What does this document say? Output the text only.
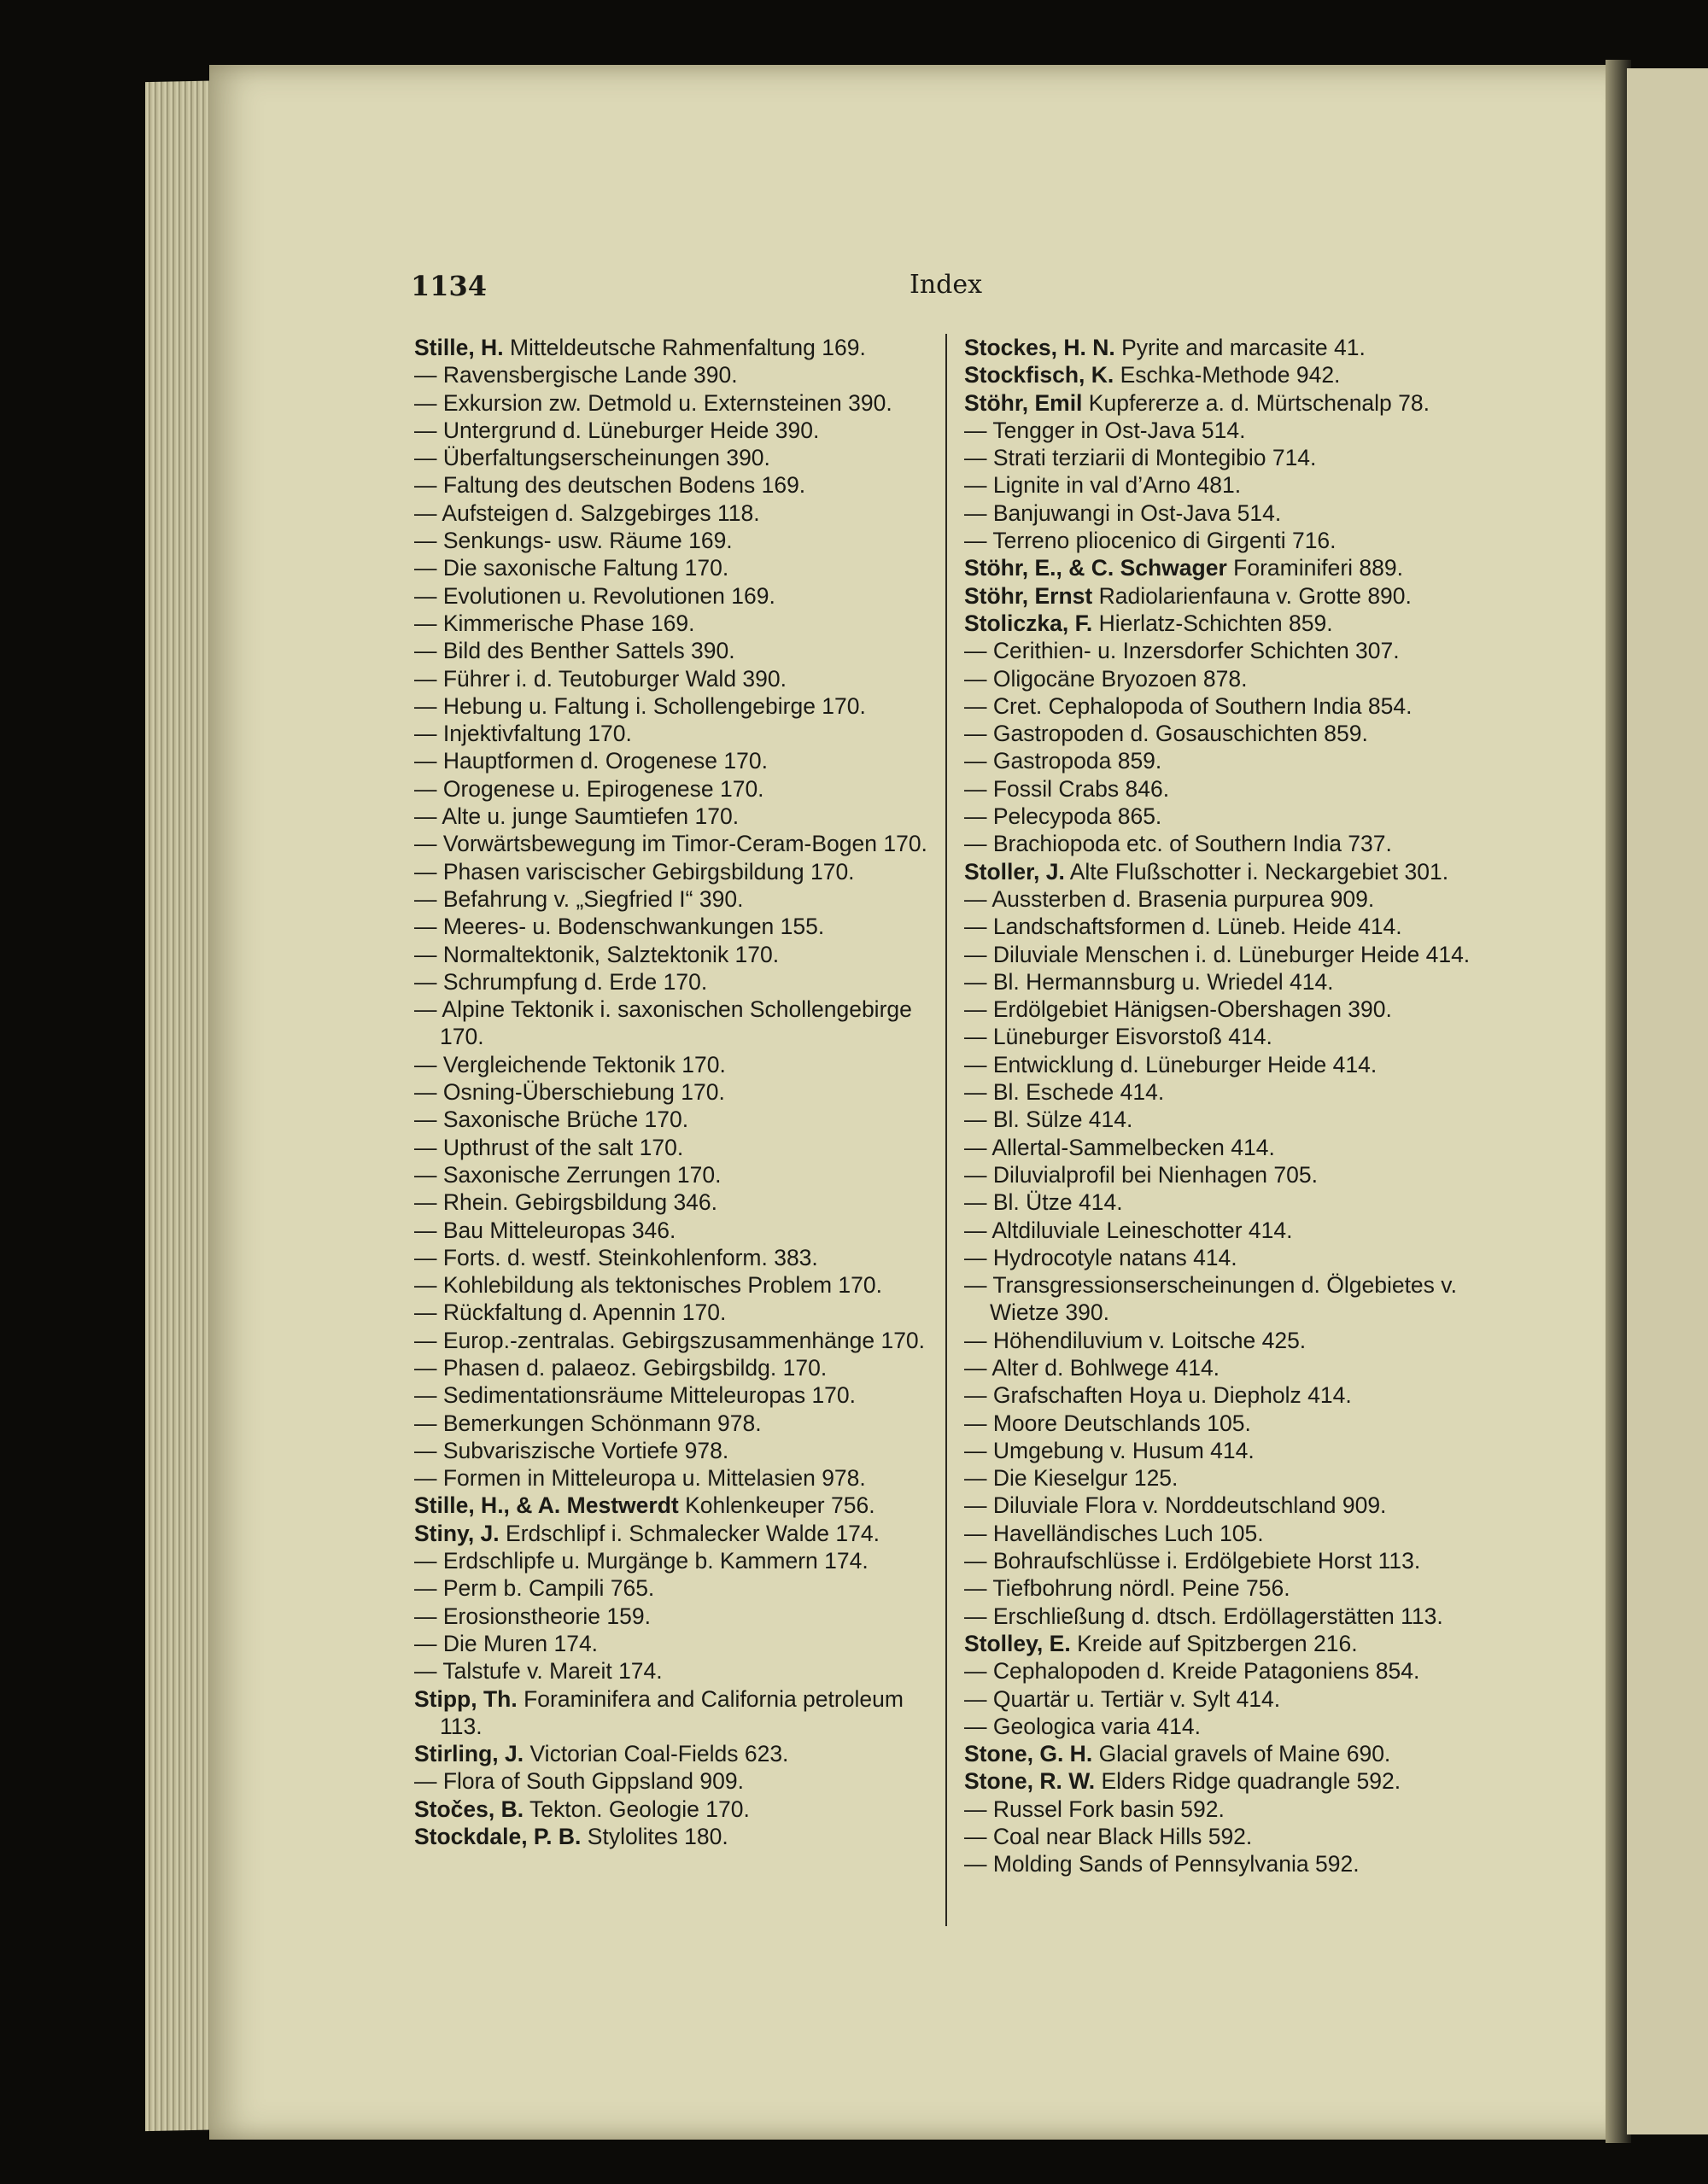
1134	Index
Stille, H. Mitteldeutsche Rahmenfaltung 169.
— Ravensbergische Lande 390.
— Exkursion zw. Detmold u. Externsteinen 390.
— Untergrund d. Lüneburger Heide 390.
— Überfaltungserscheinungen 390.
— Faltung des deutschen Bodens 169.
— Aufsteigen d. Salzgebirges 118.
— Senkungs- usw. Räume 169.
— Die saxonische Faltung 170.
— Evolutionen u. Revolutionen 169.
— Kimmerische Phase 169.
— Bild des Benther Sattels 390.
— Führer i. d. Teutoburger Wald 390.
— Hebung u. Faltung i. Schollengebirge 170.
— Injektivfaltung 170.
— Hauptformen d. Orogenese 170.
— Orogenese u. Epirogenese 170.
— Alte u. junge Saumtiefen 170.
— Vorwärtsbewegung im Timor-Ceram-Bogen 170.
— Phasen variscischer Gebirgsbildung 170.
— Befahrung v. „Siegfried I“ 390.
— Meeres- u. Bodenschwankungen 155.
— Normaltektonik, Salztektonik 170.
— Schrumpfung d. Erde 170.
— Alpine Tektonik i. saxonischen Schollengebirge 170.
— Vergleichende Tektonik 170.
— Osning-Überschiebung 170.
— Saxonische Brüche 170.
— Upthrust of the salt 170.
— Saxonische Zerrungen 170.
— Rhein. Gebirgsbildung 346.
— Bau Mitteleuropas 346.
— Forts. d. westf. Steinkohlenform. 383.
— Kohlebildung als tektonisches Problem 170.
— Rückfaltung d. Apennin 170.
— Europ.-zentralas. Gebirgszusammenhänge 170.
— Phasen d. palaeoz. Gebirgsbildg. 170.
— Sedimentationsräume Mitteleuropas 170.
— Bemerkungen Schönmann 978.
— Subvariszische Vortiefe 978.
— Formen in Mitteleuropa u. Mittelasien 978.
Stille, H., & A. Mestwerdt Kohlenkeuper 756.
Stiny, J. Erdschlipf i. Schmalecker Walde 174.
— Erdschlipfe u. Murgänge b. Kammern 174.
— Perm b. Campili 765.
— Erosionstheorie 159.
— Die Muren 174.
— Talstufe v. Mareit 174.
Stipp, Th. Foraminifera and California petroleum 113.
Stirling, J. Victorian Coal-Fields 623.
— Flora of South Gippsland 909.
Stočes, B. Tekton. Geologie 170.
Stockdale, P. B. Stylolites 180.
Stockes, H. N. Pyrite and marcasite 41.
Stockfisch, K. Eschka-Methode 942.
Stöhr, Emil Kupfererze a. d. Mürtschenalp 78.
— Tengger in Ost-Java 514.
— Strati terziarii di Montegibio 714.
— Lignite in val d’Arno 481.
— Banjuwangi in Ost-Java 514.
— Terreno pliocenico di Girgenti 716.
Stöhr, E., & C. Schwager Foraminiferi 889.
Stöhr, Ernst Radiolarienfauna v. Grotte 890.
Stoliczka, F. Hierlatz-Schichten 859.
— Cerithien- u. Inzersdorfer Schichten 307.
— Oligocäne Bryozoen 878.
— Cret. Cephalopoda of Southern India 854.
— Gastropoden d. Gosauschichten 859.
— Gastropoda 859.
— Fossil Crabs 846.
— Pelecypoda 865.
— Brachiopoda etc. of Southern India 737.
Stoller, J. Alte Flußschotter i. Neckargebiet 301.
— Aussterben d. Brasenia purpurea 909.
— Landschaftsformen d. Lüneb. Heide 414.
— Diluviale Menschen i. d. Lüneburger Heide 414.
— Bl. Hermannsburg u. Wriedel 414.
— Erdölgebiet Hänigsen-Obershagen 390.
— Lüneburger Eisvorstoß 414.
— Entwicklung d. Lüneburger Heide 414.
— Bl. Eschede 414.
— Bl. Sülze 414.
— Allertal-Sammelbecken 414.
— Diluvialprofil bei Nienhagen 705.
— Bl. Ütze 414.
— Altdiluviale Leineschotter 414.
— Hydrocotyle natans 414.
— Transgressionserscheinungen d. Ölgebietes v. Wietze 390.
— Höhendiluvium v. Loitsche 425.
— Alter d. Bohlwege 414.
— Grafschaften Hoya u. Diepholz 414.
— Moore Deutschlands 105.
— Umgebung v. Husum 414.
— Die Kieselgur 125.
— Diluviale Flora v. Norddeutschland 909.
— Havelländisches Luch 105.
— Bohraufschlüsse i. Erdölgebiete Horst 113.
— Tiefbohrung nördl. Peine 756.
— Erschließung d. dtsch. Erdöllagerstätten 113.
Stolley, E. Kreide auf Spitzbergen 216.
— Cephalopoden d. Kreide Patagoniens 854.
— Quartär u. Tertiär v. Sylt 414.
— Geologica varia 414.
Stone, G. H. Glacial gravels of Maine 690.
Stone, R. W. Elders Ridge quadrangle 592.
— Russel Fork basin 592.
— Coal near Black Hills 592.
— Molding Sands of Pennsylvania 592.
